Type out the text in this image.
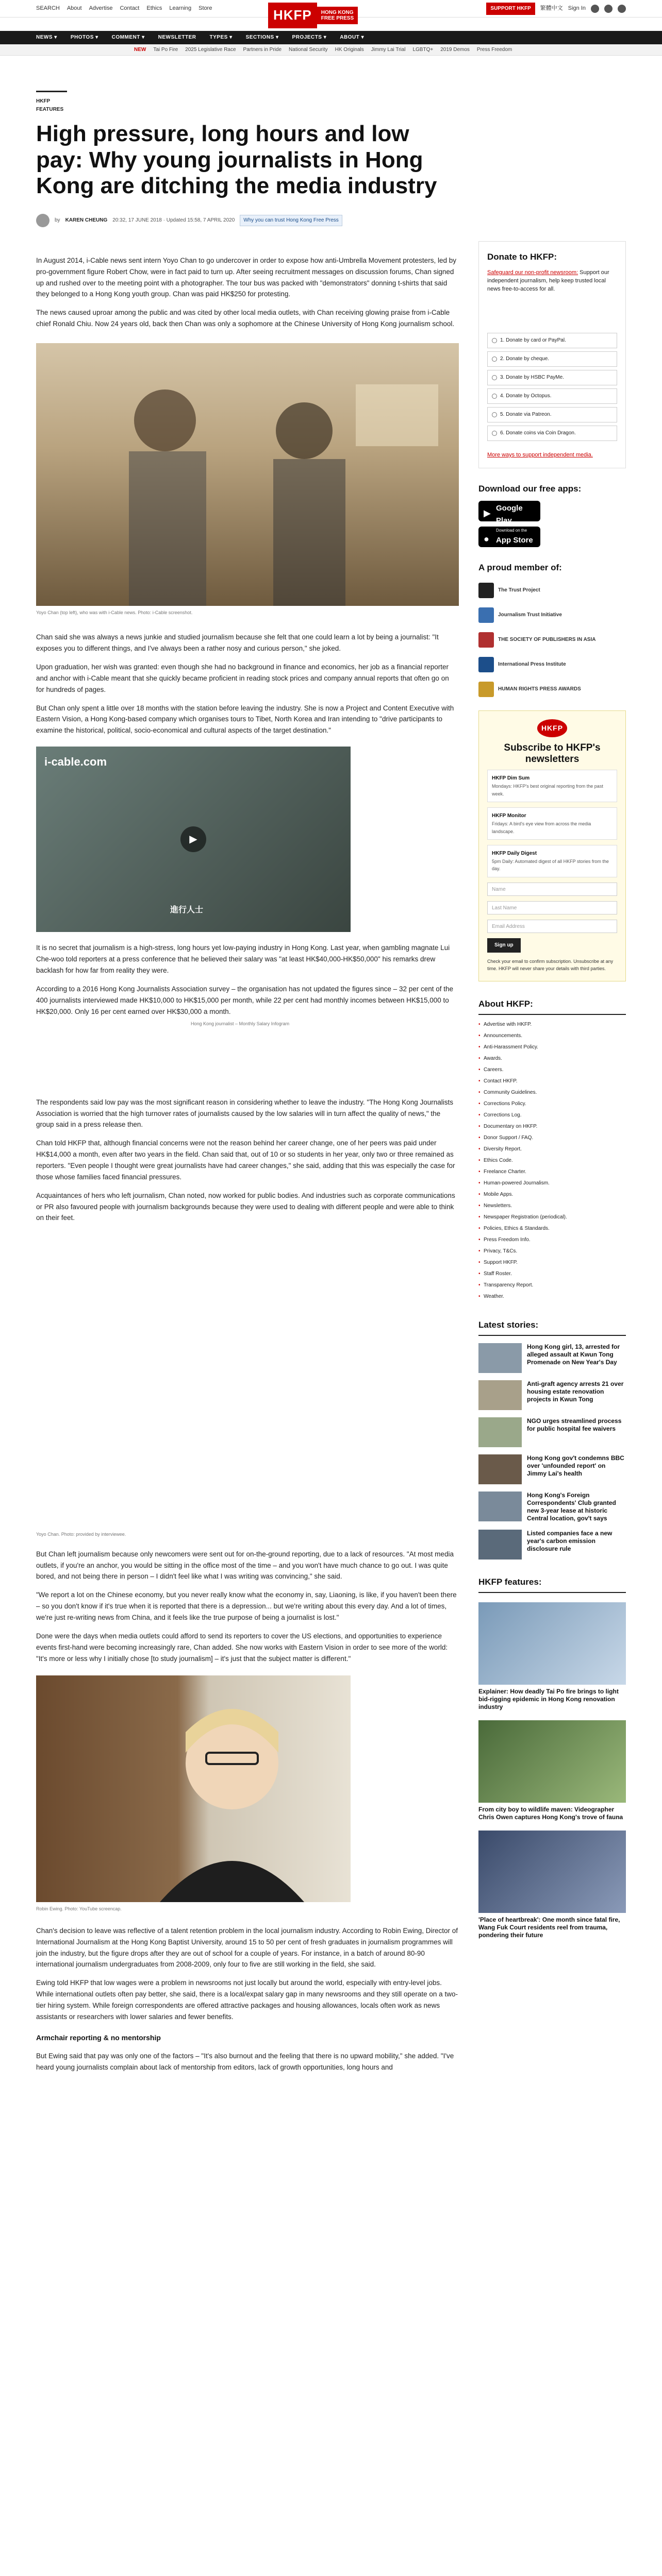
SEARCH About Advertise Contact Ethics Learning Store	HKFP	HONG KONG
FREE PRESS
SUPPORT HKFP	繁體中文 Sign In
NEWS ▾	PHOTOS ▾	COMMENT ▾	NEWSLETTER	TYPES ▾	SECTIONS ▾	PROJECTS ▾	ABOUT ▾
NEW Tai Po Fire 2025 Legislative Race Partners in Pride National Security HK Originals Jimmy Lai Trial LGBTQ+ 2019 Demos Press Freedom
HKFP FEATURES
High pressure, long hours and low pay: Why young journalists in Hong Kong are ditching the media industry
by KAREN CHEUNG 20:32, 17 JUNE 2018 · Updated 15:58, 7 APRIL 2020	Why you can trust Hong Kong Free Press

In August 2014, i-Cable news sent intern Yoyo Chan to go undercover in order to expose how anti-Umbrella Movement protesters, led by pro-government figure Robert Chow, were in fact paid to turn up. After seeing recruitment messages on discussion forums, Chan signed up and rushed over to the meeting point with a photographer. The tour bus was packed with "demonstrators" donning t-shirts that said they belonged to a Hong Kong youth group. Chan was paid HK$250 for protesting.

The news caused uproar among the public and was cited by other local media outlets, with Chan receiving glowing praise from i-Cable chief Ronald Chiu. Now 24 years old, back then Chan was only a sophomore at the Chinese University of Hong Kong journalism school.

Yoyo Chan (top left), who was with i-Cable news. Photo: i-Cable screenshot.

Chan said she was always a news junkie and studied journalism because she felt that one could learn a lot by being a journalist: "It exposes you to different things, and I've always been a rather nosy and curious person," she joked.

Upon graduation, her wish was granted: even though she had no background in finance and economics, her job as a financial reporter and anchor with i-Cable meant that she quickly became proficient in reading stock prices and company annual reports that often go on for hundreds of pages.

But Chan only spent a little over 18 months with the station before leaving the industry. She is now a Project and Content Executive with Eastern Vision, a Hong Kong-based company which organises tours to Tibet, North Korea and Iran intending to "drive participants to examine the historical, political, socio-economical and cultural aspects of the target destination."

i-cable.com
▶
進行人士

It is no secret that journalism is a high-stress, long hours yet low-paying industry in Hong Kong. Last year, when gambling magnate Lui Che-woo told reporters at a press conference that he believed their salary was "at least HK$40,000-HK$50,000" his remarks drew backlash for how far from reality they were.

According to a 2016 Hong Kong Journalists Association survey – the organisation has not updated the figures since – 32 per cent of the 400 journalists interviewed made HK$10,000 to HK$15,000 per month, while 22 per cent had monthly incomes between HK$15,000 to HK$20,000. Only 16 per cent earned over HK$30,000 a month.

Hong Kong journalist – Monthly Salary Infogram

The respondents said low pay was the most significant reason in considering whether to leave the industry. "The Hong Kong Journalists Association is worried that the high turnover rates of journalists caused by the low salaries will in turn affect the quality of news," the group said in a press release then.

Chan told HKFP that, although financial concerns were not the reason behind her career change, one of her peers was paid under HK$14,000 a month, even after two years in the field. Chan said that, out of 10 or so students in her year, only two or three remained as reporters. "Even people I thought were great journalists have had career changes," she said, adding that this was especially the case for those whose families faced financial pressures.

Acquaintances of hers who left journalism, Chan noted, now worked for public bodies. And industries such as corporate communications or PR also favoured people with journalism backgrounds because they were used to dealing with different people and were able to think on their feet.

Yoyo Chan. Photo: provided by interviewee.

But Chan left journalism because only newcomers were sent out for on-the-ground reporting, due to a lack of resources. "At most media outlets, if you're an anchor, you would be sitting in the office most of the time – and you won't have much chance to go out. I was quite bored, and not being there in person – I didn't feel like what I was writing was convincing," she said.

"We report a lot on the Chinese economy, but you never really know what the economy in, say, Liaoning, is like, if you haven't been there – so you don't know if it's true when it is reported that there is a depression... but we're writing about this every day. And a lot of times, we're just re-writing news from China, and it feels like the true purpose of being a journalist is lost."

Done were the days when media outlets could afford to send its reporters to cover the US elections, and opportunities to experience events first-hand were becoming increasingly rare, Chan added. She now works with Eastern Vision in order to see more of the world: "It's more or less why I initially chose [to study journalism] – it's just that the subject matter is different."

Robin Ewing. Photo: YouTube screencap.

Chan's decision to leave was reflective of a talent retention problem in the local journalism industry. According to Robin Ewing, Director of International Journalism at the Hong Kong Baptist University, around 15 to 50 per cent of fresh graduates in journalism programmes will join the industry, but the figure drops after they are out of school for a couple of years. For instance, in a batch of around 80-90 international journalism undergraduates from 2008-2009, only four to five are still working in the field, she said.

Ewing told HKFP that low wages were a problem in newsrooms not just locally but around the world, especially with entry-level jobs. While international outlets often pay better, she said, there is a local/expat salary gap in many newsrooms and they still operate on a two-tier hiring system. While foreign correspondents are offered attractive packages and housing allowances, locals often work as news assistants or researchers with lower salaries and fewer benefits.

Armchair reporting & no mentorship

But Ewing said that pay was only one of the factors – "It's also burnout and the feeling that there is no upward mobility," she added. "I've heard young journalists complain about lack of mentorship from editors, lack of growth opportunities, long hours and

Donate to HKFP:

Safeguard our non-profit newsroom: Support our independent journalism, help keep trusted local news free-to-access for all.

1. Donate by card or PayPal.
2. Donate by cheque.
3. Donate by HSBC PayMe.
4. Donate by Octopus.
5. Donate via Patreon.
6. Donate coins via Coin Dragon.

More ways to support independent media.

Download our free apps:
▶
GET IT ON
Google Play
●
Download on the
App Store
A proud member of:
The Trust Project
Journalism Trust Initiative
THE SOCIETY OF PUBLISHERS IN ASIA
International Press Institute
HUMAN RIGHTS PRESS AWARDS
HKFP
Subscribe to HKFP's newsletters
HKFP Dim Sum
Mondays: HKFP's best original reporting from the past week.
HKFP Monitor
Fridays: A bird's eye view from across the media landscape.
HKFP Daily Digest
5pm Daily: Automated digest of all HKFP stories from the day.
Name
Last Name
Email Address
Sign up

Check your email to confirm subscription. Unsubscribe at any time. HKFP will never share your details with third parties.

About HKFP:
• Advertise with HKFP.
• Announcements.
• Anti-Harassment Policy.
• Awards.
• Careers.
• Contact HKFP.
• Community Guidelines.
• Corrections Policy.
• Corrections Log.
• Documentary on HKFP.
• Donor Support / FAQ.
• Diversity Report.
• Ethics Code.
• Freelance Charter.
• Human-powered Journalism.
• Mobile Apps.
• Newsletters.
• Newspaper Registration (periodical).
• Policies, Ethics & Standards.
• Press Freedom Info.
• Privacy, T&Cs.
• Support HKFP.
• Staff Roster.
• Transparency Report.
• Weather.
Latest stories:
Hong Kong girl, 13, arrested for alleged assault at Kwun Tong Promenade on New Year's Day
Anti-graft agency arrests 21 over housing estate renovation projects in Kwun Tong
NGO urges streamlined process for public hospital fee waivers
Hong Kong gov't condemns BBC over 'unfounded report' on Jimmy Lai's health
Hong Kong's Foreign Correspondents' Club granted new 3-year lease at historic Central location, gov't says
Listed companies face a new year's carbon emission disclosure rule
HKFP features:
Explainer: How deadly Tai Po fire brings to light bid-rigging epidemic in Hong Kong renovation industry
From city boy to wildlife maven: Videographer Chris Owen captures Hong Kong's trove of fauna
'Place of heartbreak': One month since fatal fire, Wang Fuk Court residents reel from trauma, pondering their future
